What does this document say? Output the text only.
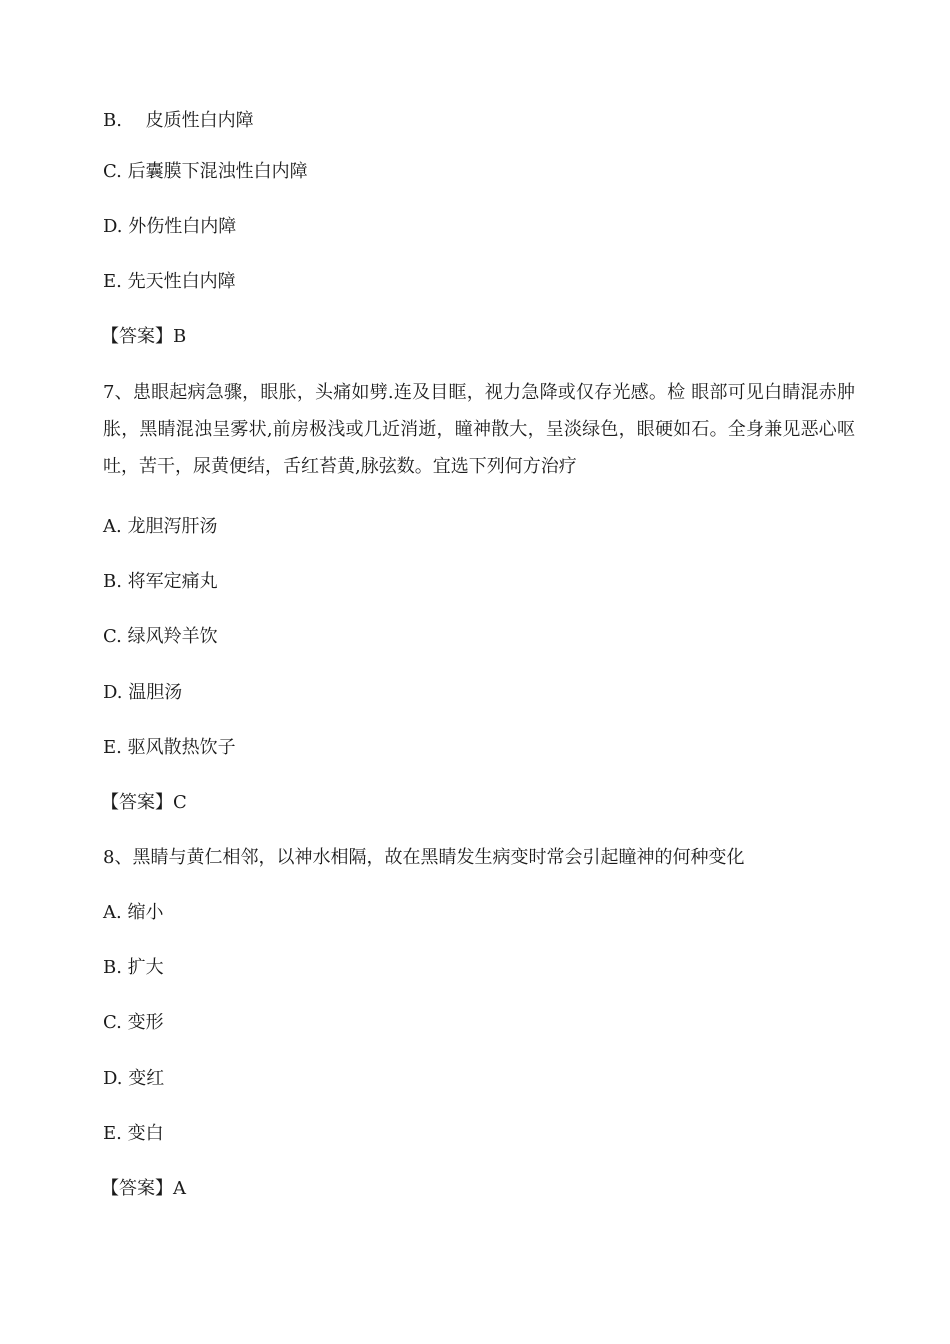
B.　 皮质性白内障
C. 后囊膜下混浊性白内障
D. 外伤性白内障
E. 先天性白内障
【答案】B
7、患眼起病急骤，眼胀，头痛如劈.连及目眶，视力急降或仅存光感。检 眼部可见白睛混赤肿胀，黑睛混浊呈雾状,前房极浅或几近消逝，瞳神散大，呈淡绿色，眼硬如石。全身兼见恶心呕吐，苦干，尿黄便结，舌红苔黄,脉弦数。宜选下列何方治疗
A. 龙胆泻肝汤
B. 将军定痛丸
C. 绿风羚羊饮
D. 温胆汤
E. 驱风散热饮子
【答案】C
8、黑睛与黄仁相邻，以神水相隔，故在黑睛发生病变时常会引起瞳神的何种变化
A. 缩小
B. 扩大
C. 变形
D. 变红
E. 变白
【答案】A
